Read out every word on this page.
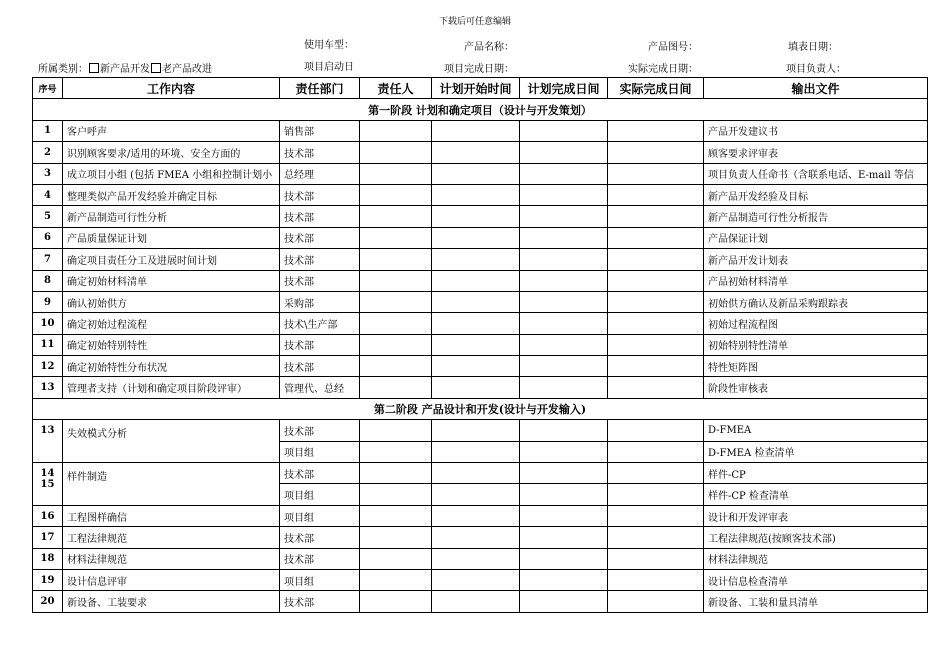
下载后可任意编辑
使用车型：	产品名称：	产品图号：	填表日期：
所属类别： 新产品开发 老产品改进	项目启动日	项目完成日期：	实际完成日期：	项目负责人：
序号	工作内容	责任部门	责任人	计划开始时间	计划完成日间	实际完成日间	输出文件
第一阶段 计划和确定项目（设计与开发策划）							
1	客户呼声	销售部					产品开发建议书
2	识别顾客要求/适用的环境、安全方面的	技术部					顾客要求评审表
3	成立项目小组 (包括 FMEA 小组和控制计划小	总经理					项目负责人任命书（含联系电话、E-mail 等信
4	整理类似产品开发经验并确定目标	技术部					新产品开发经验及目标
5	新产品制造可行性分析	技术部					新产品制造可行性分析报告
6	产品质量保证计划	技术部					产品保证计划
7	确定项目责任分工及进展时间计划	技术部					新产品开发计划表
8	确定初始材料清单	技术部					产品初始材料清单
9	确认初始供方	采购部					初始供方确认及新品采购跟踪表
10	确定初始过程流程	技术\生产部					初始过程流程图
11	确定初始特别特性	技术部					初始特别特性清单
12	确定初始特性分布状况	技术部					特性矩阵图
13	管理者支持（计划和确定项目阶段评审）	管理代、总经					阶段性审核表
第二阶段 产品设计和开发(设计与开发输入)							
13	失效模式分析	技术部					D-FMEA
		项目组					D-FMEA 检查清单
14
15	样件制造	技术部					样件-CP
		项目组					样件-CP 检查清单
16	工程图样确信	项目组					设计和开发评审表
17	工程法律规范	技术部					工程法律规范(按顾客技术部)
18	材料法律规范	技术部					材料法律规范
19	设计信息评审	项目组					设计信息检查清单
20	新设备、工装要求	技术部					新设备、工装和量具清单
